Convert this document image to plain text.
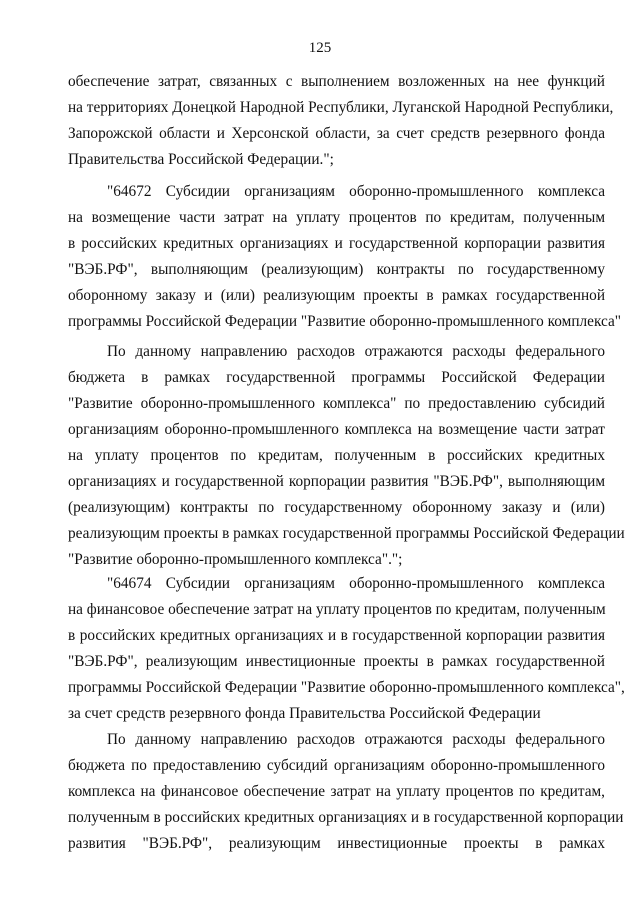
125
обеспечение затрат, связанных с выполнением возложенных на нее функций
на территориях Донецкой Народной Республики, Луганской Народной Республики,
Запорожской области и Херсонской области, за счет средств резервного фонда
Правительства Российской Федерации.";
"64672 Субсидии организациям оборонно-промышленного комплекса
на возмещение части затрат на уплату процентов по кредитам, полученным
в российских кредитных организациях и государственной корпорации развития
"ВЭБ.РФ", выполняющим (реализующим) контракты по государственному
оборонному заказу и (или) реализующим проекты в рамках государственной
программы Российской Федерации "Развитие оборонно-промышленного комплекса"
По данному направлению расходов отражаются расходы федерального
бюджета в рамках государственной программы Российской Федерации
"Развитие оборонно-промышленного комплекса" по предоставлению субсидий
организациям оборонно-промышленного комплекса на возмещение части затрат
на уплату процентов по кредитам, полученным в российских кредитных
организациях и государственной корпорации развития "ВЭБ.РФ", выполняющим
(реализующим) контракты по государственному оборонному заказу и (или)
реализующим проекты в рамках государственной программы Российской Федерации
"Развитие оборонно-промышленного комплекса".";
"64674 Субсидии организациям оборонно-промышленного комплекса
на финансовое обеспечение затрат на уплату процентов по кредитам, полученным
в российских кредитных организациях и в государственной корпорации развития
"ВЭБ.РФ", реализующим инвестиционные проекты в рамках государственной
программы Российской Федерации "Развитие оборонно-промышленного комплекса",
за счет средств резервного фонда Правительства Российской Федерации
По данному направлению расходов отражаются расходы федерального
бюджета по предоставлению субсидий организациям оборонно-промышленного
комплекса на финансовое обеспечение затрат на уплату процентов по кредитам,
полученным в российских кредитных организациях и в государственной корпорации
развития "ВЭБ.РФ", реализующим инвестиционные проекты в рамках
